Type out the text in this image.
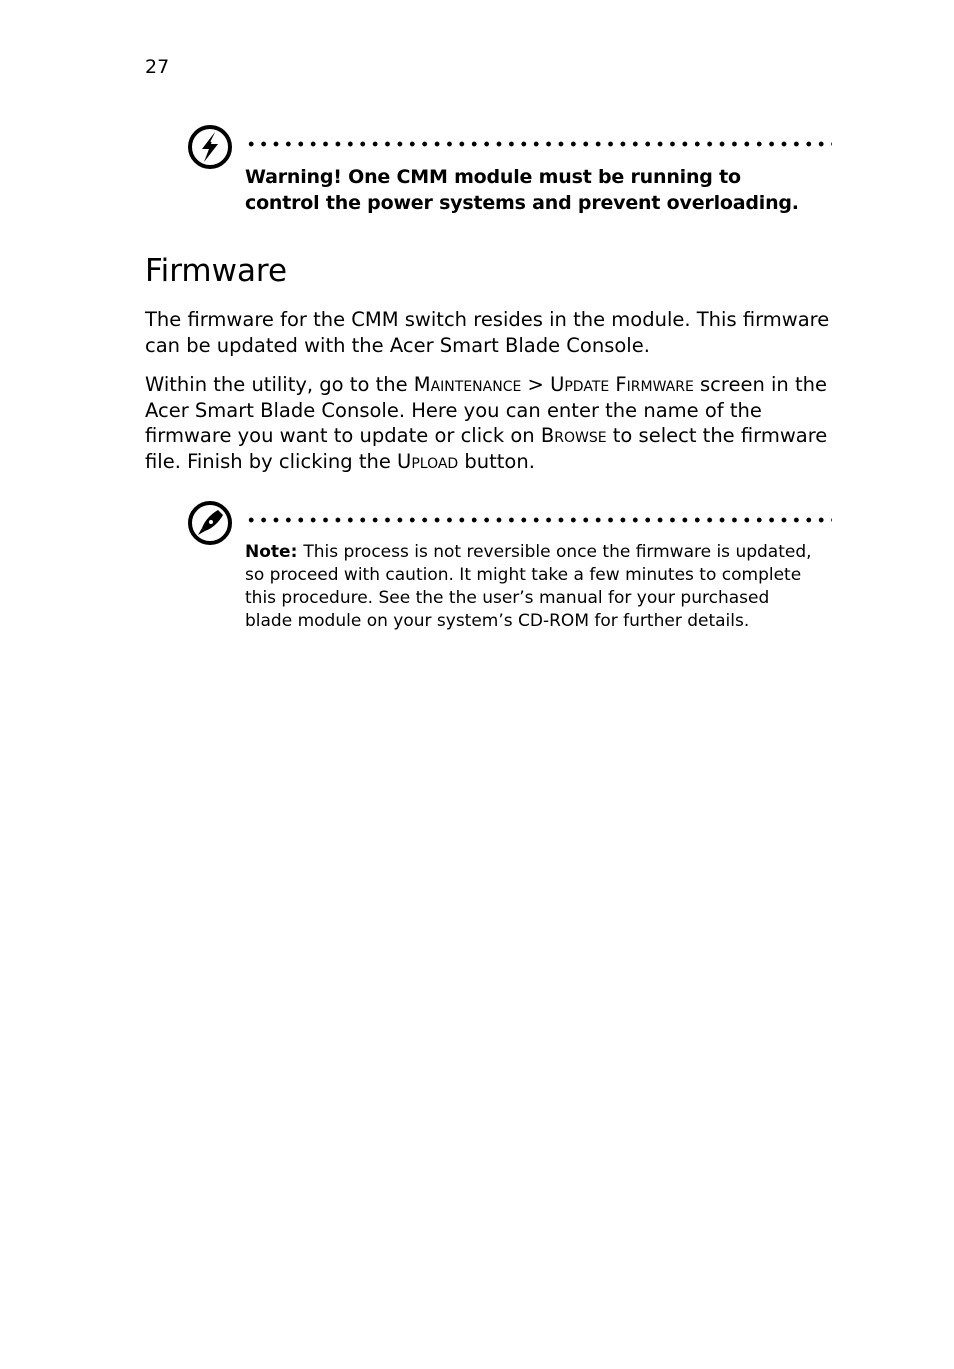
27
Warning! One CMM module must be running to control the power systems and prevent overloading.
Firmware

The firmware for the CMM switch resides in the module. This firmware can be updated with the Acer Smart Blade Console.

Within the utility, go to the Maintenance > Update Firmware screen in the Acer Smart Blade Console. Here you can enter the name of the firmware you want to update or click on Browse to select the firmware file. Finish by clicking the Upload button.

Note: This process is not reversible once the firmware is updated, so proceed with caution. It might take a few minutes to complete this procedure. See the the user’s manual for your purchased blade module on your system’s CD-ROM for further details.
